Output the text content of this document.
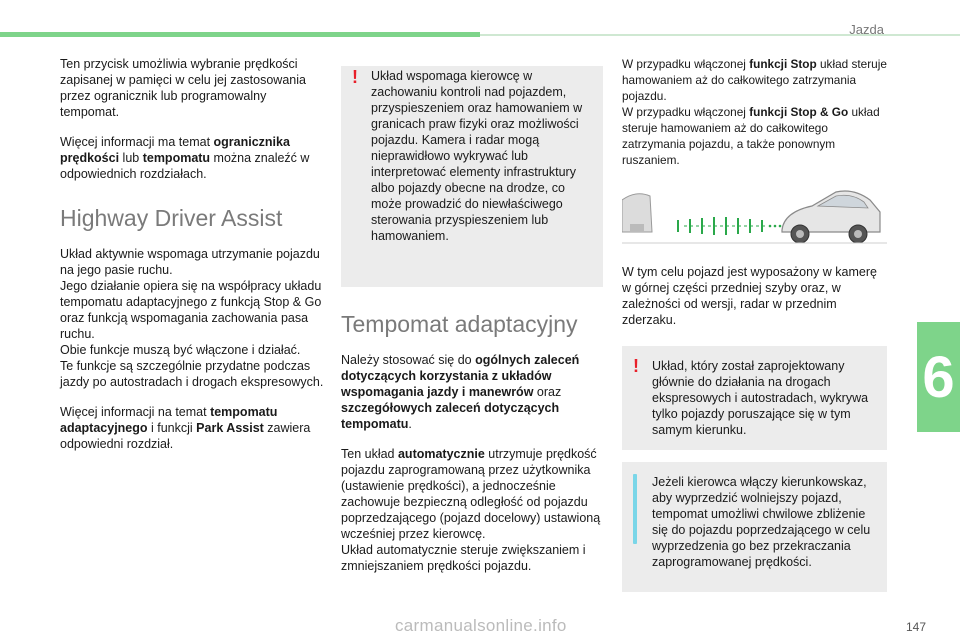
Jazda

Ten przycisk umożliwia wybranie prędkości zapisanej w pamięci w celu jej zastosowania przez ogranicznik lub programowalny tempomat.

Więcej informacji ma temat ogranicznika prędkości lub tempomatu można znaleźć w odpowiednich rozdziałach.

Highway Driver Assist

Układ aktywnie wspomaga utrzymanie pojazdu na jego pasie ruchu.
Jego działanie opiera się na współpracy układu tempomatu adaptacyjnego z funkcją Stop & Go oraz funkcją wspomagania zachowania pasa ruchu.
Obie funkcje muszą być włączone i działać.
Te funkcje są szczególnie przydatne podczas jazdy po autostradach i drogach ekspresowych.

Więcej informacji na temat tempomatu adaptacyjnego i funkcji Park Assist zawiera odpowiedni rozdział.

! Układ wspomaga kierowcę w zachowaniu kontroli nad pojazdem, przyspieszeniem oraz hamowaniem w granicach praw fizyki oraz możliwości pojazdu. Kamera i radar mogą nieprawidłowo wykrywać lub interpretować elementy infrastruktury albo pojazdy obecne na drodze, co może prowadzić do niewłaściwego sterowania przyspieszeniem lub hamowaniem.
Tempomat adaptacyjny

Należy stosować się do ogólnych zaleceń dotyczących korzystania z układów wspomagania jazdy i manewrów oraz szczegółowych zaleceń dotyczących tempomatu.

Ten układ automatycznie utrzymuje prędkość pojazdu zaprogramowaną przez użytkownika (ustawienie prędkości), a jednocześnie zachowuje bezpieczną odległość od pojazdu poprzedzającego (pojazd docelowy) ustawioną wcześniej przez kierowcę.
Układ automatycznie steruje zwiększaniem i zmniejszaniem prędkości pojazdu.

W przypadku włączonej funkcji Stop układ steruje hamowaniem aż do całkowitego zatrzymania pojazdu.
W przypadku włączonej funkcji Stop & Go układ steruje hamowaniem aż do całkowitego zatrzymania pojazdu, a także ponownym ruszaniem.

W tym celu pojazd jest wyposażony w kamerę w górnej części przedniej szyby oraz, w zależności od wersji, radar w przednim zderzaku.

! Układ, który został zaprojektowany głównie do działania na drogach ekspresowych i autostradach, wykrywa tylko pojazdy poruszające się w tym samym kierunku.
Jeżeli kierowca włączy kierunkowskaz, aby wyprzedzić wolniejszy pojazd, tempomat umożliwi chwilowe zbliżenie się do pojazdu poprzedzającego w celu wyprzedzenia go bez przekraczania zaprogramowanej prędkości.
6
147
carmanualsonline.info
